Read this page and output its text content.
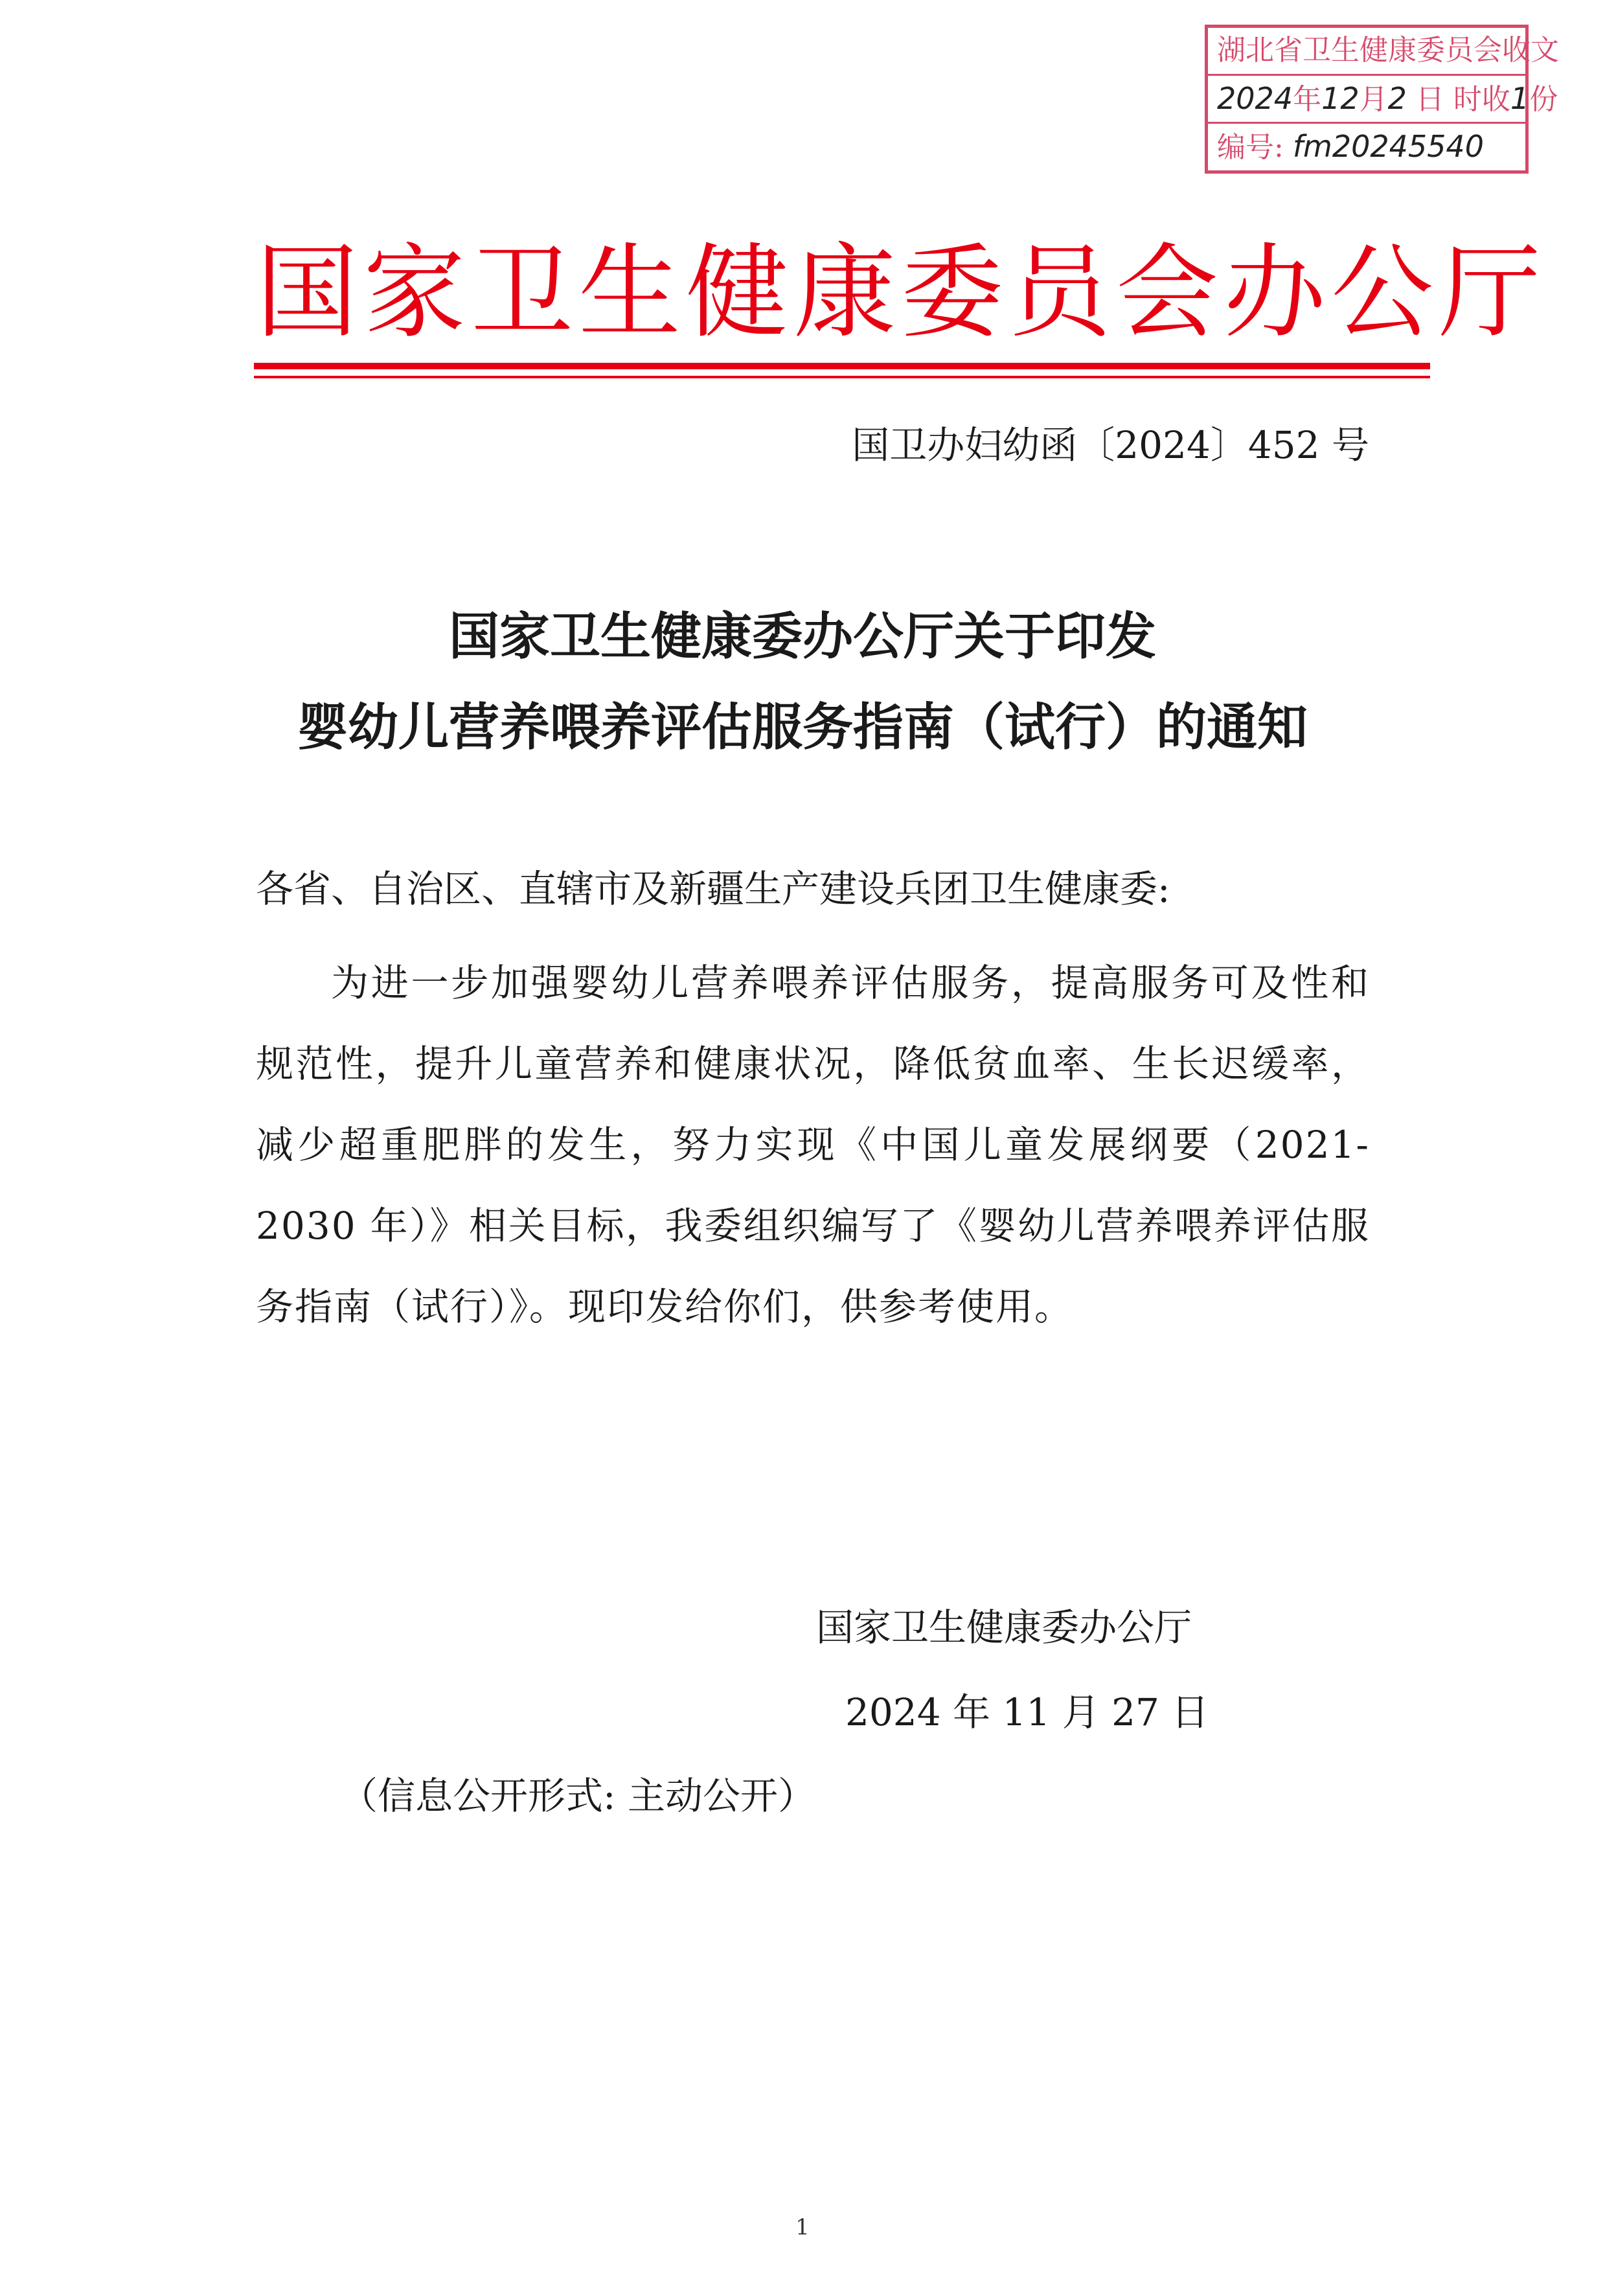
湖北省卫生健康委员会收文
2024年12月2 日 时收1份
编号: fm20245540
国家卫生健康委员会办公厅
国卫办妇幼函〔2024〕452 号
国家卫生健康委办公厅关于印发
婴幼儿营养喂养评估服务指南（试行）的通知
各省、自治区、直辖市及新疆生产建设兵团卫生健康委:
为进一步加强婴幼儿营养喂养评估服务，提高服务可及性和规范性，提升儿童营养和健康状况，降低贫血率、生长迟缓率，减少超重肥胖的发生，努力实现《中国儿童发展纲要（2021-2030 年）》相关目标，我委组织编写了《婴幼儿营养喂养评估服务指南（试行）》。现印发给你们，供参考使用。
国家卫生健康委办公厅
2024 年 11 月 27 日
（信息公开形式: 主动公开）
1
